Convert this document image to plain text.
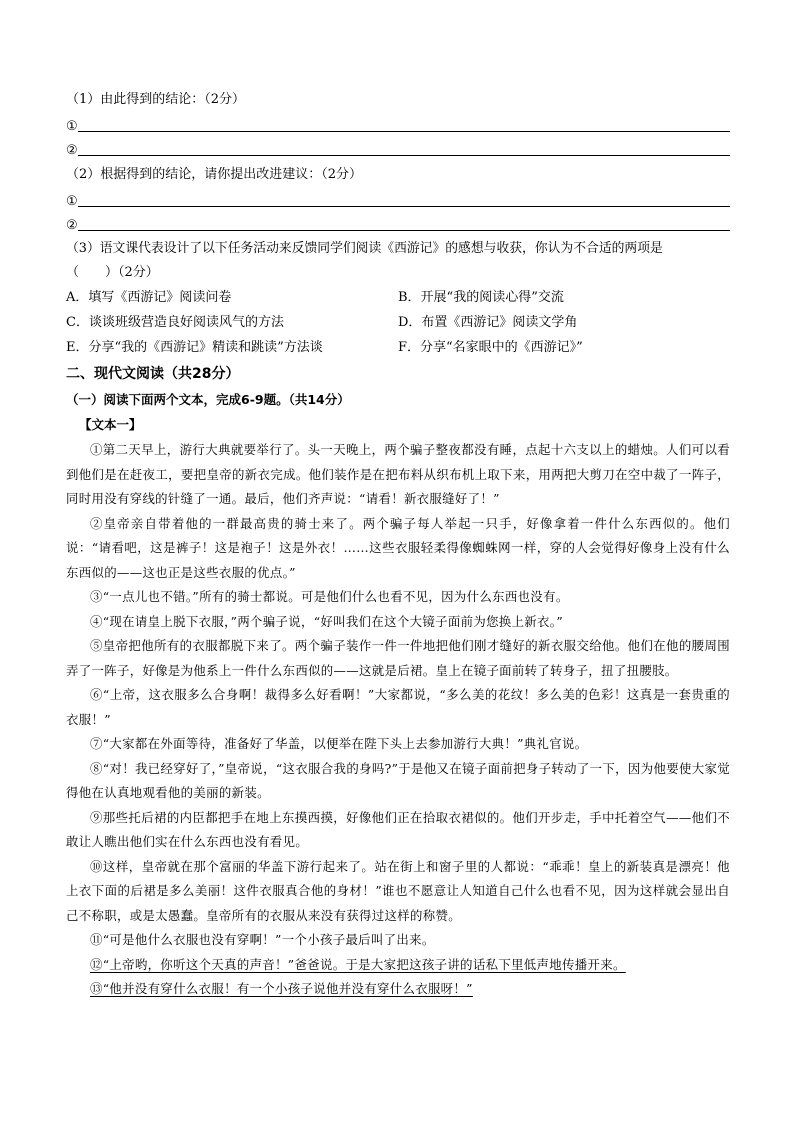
（1）由此得到的结论：（2分）
①
②
（2）根据得到的结论，请你提出改进建议：（2分）
①
②
（3）语文课代表设计了以下任务活动来反馈同学们阅读《西游记》的感想与收获，你认为不合适的两项是
（　　）（2分）
A．填写《西游记》阅读问卷	B．开展“我的阅读心得”交流
C．谈谈班级营造良好阅读风气的方法	D．布置《西游记》阅读文学角
E．分享“我的《西游记》精读和跳读”方法谈	F．分享“名家眼中的《西游记》”
二、现代文阅读（共28分）
（一）阅读下面两个文本，完成6-9题。（共14分）
【文本一】

①第二天早上，游行大典就要举行了。头一天晚上，两个骗子整夜都没有睡，点起十六支以上的蜡烛。人们可以看到他们是在赶夜工，要把皇帝的新衣完成。他们装作是在把布料从织布机上取下来，用两把大剪刀在空中裁了一阵子，同时用没有穿线的针缝了一通。最后，他们齐声说：“请看！新衣服缝好了！”

②皇帝亲自带着他的一群最高贵的骑士来了。两个骗子每人举起一只手，好像拿着一件什么东西似的。他们说：“请看吧，这是裤子！这是袍子！这是外衣！……这些衣服轻柔得像蜘蛛网一样，穿的人会觉得好像身上没有什么东西似的——这也正是这些衣服的优点。”

③“一点儿也不错。”所有的骑士都说。可是他们什么也看不见，因为什么东西也没有。

④“现在请皇上脱下衣服，”两个骗子说，“好叫我们在这个大镜子面前为您换上新衣。”

⑤皇帝把他所有的衣服都脱下来了。两个骗子装作一件一件地把他们刚才缝好的新衣服交给他。他们在他的腰周围弄了一阵子，好像是为他系上一件什么东西似的——这就是后裙。皇上在镜子面前转了转身子，扭了扭腰肢。

⑥“上帝，这衣服多么合身啊！裁得多么好看啊！”大家都说，“多么美的花纹！多么美的色彩！这真是一套贵重的衣服！”

⑦“大家都在外面等待，准备好了华盖，以便举在陛下头上去参加游行大典！”典礼官说。

⑧“对！我已经穿好了，”皇帝说，“这衣服合我的身吗?”于是他又在镜子面前把身子转动了一下，因为他要使大家觉得他在认真地观看他的美丽的新装。

⑨那些托后裙的内臣都把手在地上东摸西摸，好像他们正在拾取衣裙似的。他们开步走，手中托着空气——他们不敢让人瞧出他们实在什么东西也没有看见。

⑩这样，皇帝就在那个富丽的华盖下游行起来了。站在街上和窗子里的人都说：“乖乖！皇上的新装真是漂亮！他上衣下面的后裙是多么美丽！这件衣服真合他的身材！”谁也不愿意让人知道自己什么也看不见，因为这样就会显出自己不称职，或是太愚蠢。皇帝所有的衣服从来没有获得过这样的称赞。

⑪“可是他什么衣服也没有穿啊！”一个小孩子最后叫了出来。

⑫“上帝哟，你听这个天真的声音！”爸爸说。于是大家把这孩子讲的话私下里低声地传播开来。

⑬“他并没有穿什么衣服！有一个小孩子说他并没有穿什么衣服呀！”
